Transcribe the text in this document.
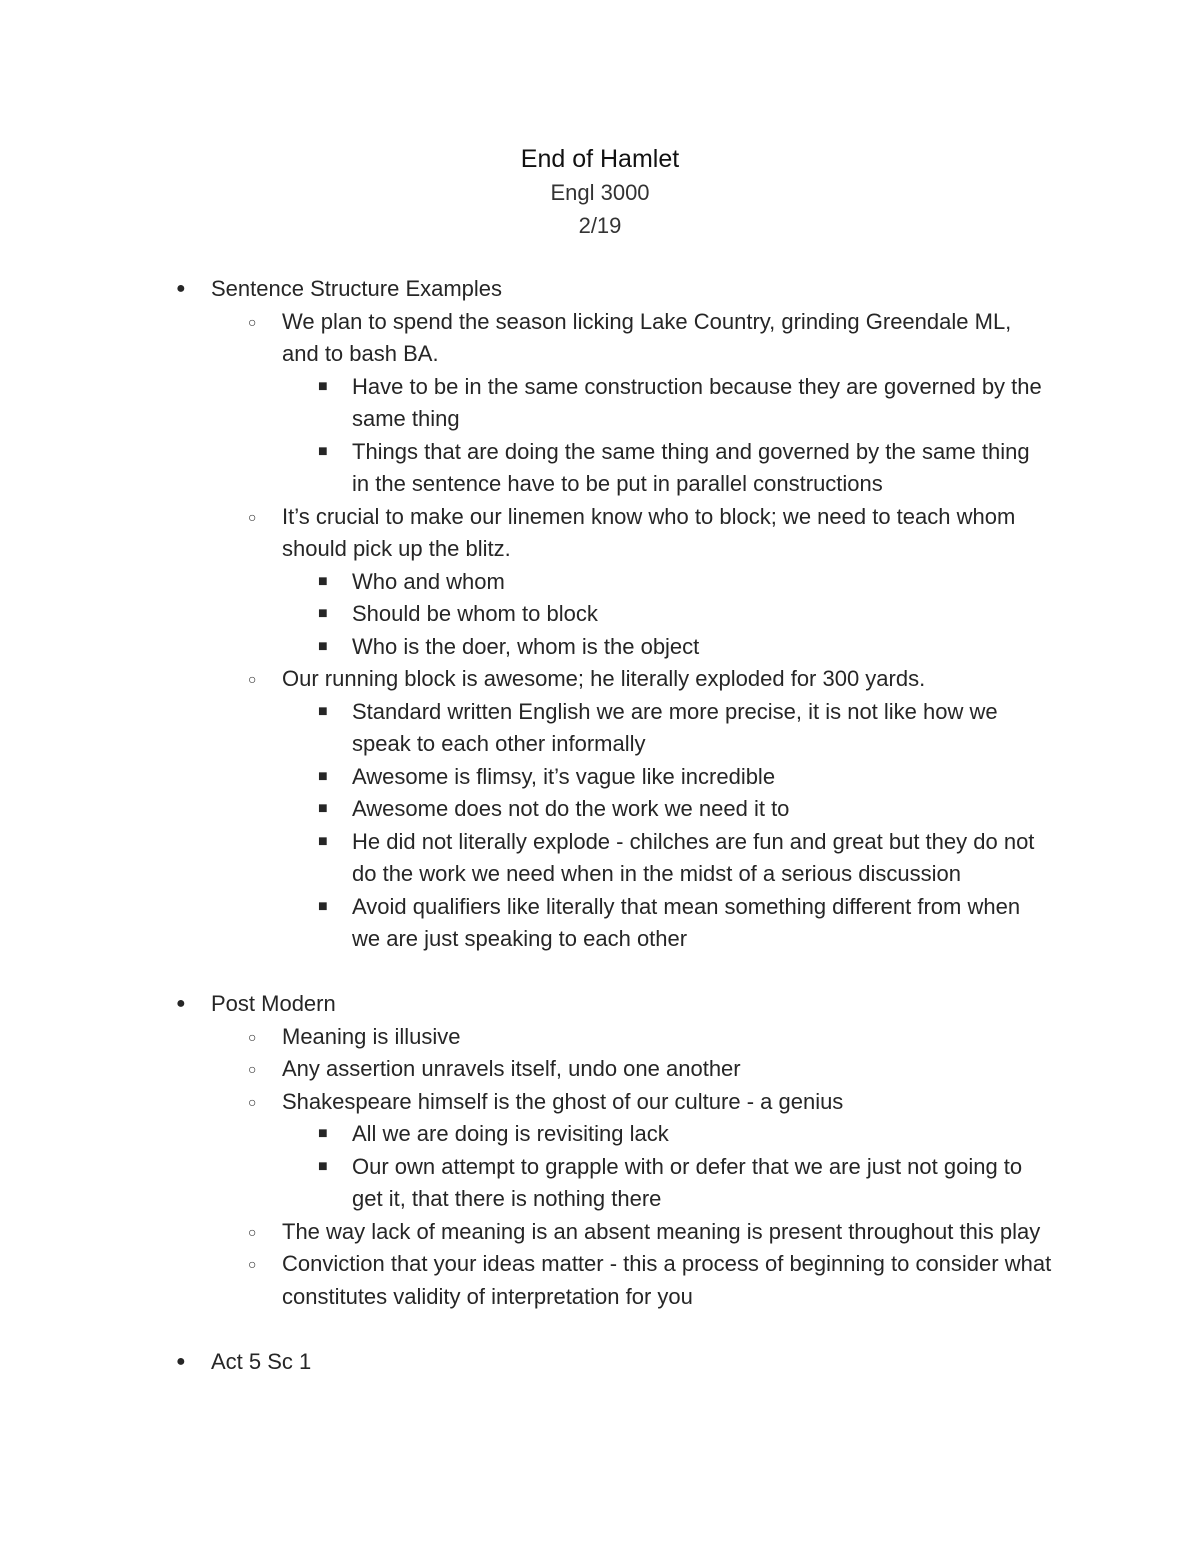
End of Hamlet
Engl 3000
2/19
● Sentence Structure Examples
○ We plan to spend the season licking Lake Country, grinding Greendale ML, and to bash BA.
■ Have to be in the same construction because they are governed by the same thing
■ Things that are doing the same thing and governed by the same thing in the sentence have to be put in parallel constructions
○ It’s crucial to make our linemen know who to block; we need to teach whom should pick up the blitz.
■ Who and whom
■ Should be whom to block
■ Who is the doer, whom is the object
○ Our running block is awesome; he literally exploded for 300 yards.
■ Standard written English we are more precise, it is not like how we speak to each other informally
■ Awesome is flimsy, it’s vague like incredible
■ Awesome does not do the work we need it to
■ He did not literally explode - chilches are fun and great but they do not do the work we need when in the midst of a serious discussion
■ Avoid qualifiers like literally that mean something different from when we are just speaking to each other
● Post Modern
○ Meaning is illusive
○ Any assertion unravels itself, undo one another
○ Shakespeare himself is the ghost of our culture - a genius
■ All we are doing is revisiting lack
■ Our own attempt to grapple with or defer that we are just not going to get it, that there is nothing there
○ The way lack of meaning is an absent meaning is present throughout this play
○ Conviction that your ideas matter - this a process of beginning to consider what constitutes validity of interpretation for you
● Act 5 Sc 1
